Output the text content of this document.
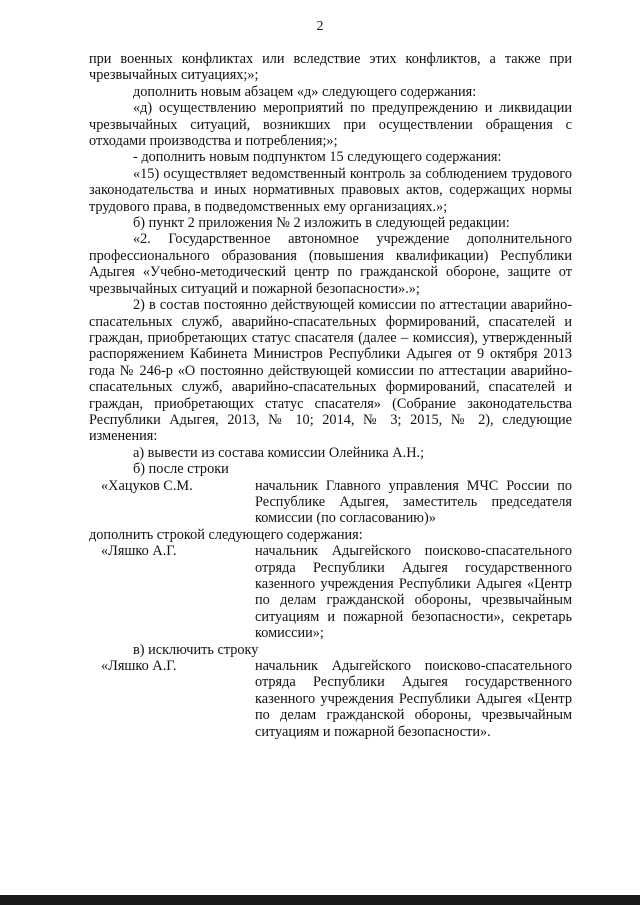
2

при военных конфликтах или вследствие этих конфликтов, а также при чрезвычайных ситуациях;»;

дополнить новым абзацем «д» следующего содержания:

«д) осуществлению мероприятий по предупреждению и ликвидации чрезвычайных ситуаций, возникших при осуществлении обращения с отходами производства и потребления;»;

- дополнить новым подпунктом 15 следующего содержания:

«15) осуществляет ведомственный контроль за соблюдением трудового законодательства и иных нормативных правовых актов, содержащих нормы трудового права, в подведомственных ему организациях.»;

б) пункт 2 приложения № 2 изложить в следующей редакции:

«2. Государственное автономное учреждение дополнительного профессионального образования (повышения квалификации) Республики Адыгея «Учебно-методический центр по гражданской обороне, защите от чрезвычайных ситуаций и пожарной безопасности».»;

2) в состав постоянно действующей комиссии по аттестации аварийно-спасательных служб, аварийно-спасательных формирований, спасателей и граждан, приобретающих статус спасателя (далее – комиссия), утвержденный распоряжением Кабинета Министров Республики Адыгея от 9 октября 2013 года № 246-р «О постоянно действующей комиссии по аттестации аварийно-спасательных служб, аварийно-спасательных формирований, спасателей и граждан, приобретающих статус спасателя» (Собрание законодательства Республики Адыгея, 2013, № 10; 2014, № 3; 2015, № 2), следующие изменения:

а) вывести из состава комиссии Олейника А.Н.;

б) после строки

«Хацуков С.М.	начальник Главного управления МЧС России по Республике Адыгея, заместитель председателя комиссии (по согласованию)»

дополнить строкой следующего содержания:

«Ляшко А.Г.	начальник Адыгейского поисково-спасательного отряда Республики Адыгея государственного казенного учреждения Республики Адыгея «Центр по делам гражданской обороны, чрезвычайным ситуациям и пожарной безопасности», секретарь комиссии»;

в) исключить строку

«Ляшко А.Г.	начальник Адыгейского поисково-спасательного отряда Республики Адыгея государственного казенного учреждения Республики Адыгея «Центр по делам гражданской обороны, чрезвычайным ситуациям и пожарной безопасности».
